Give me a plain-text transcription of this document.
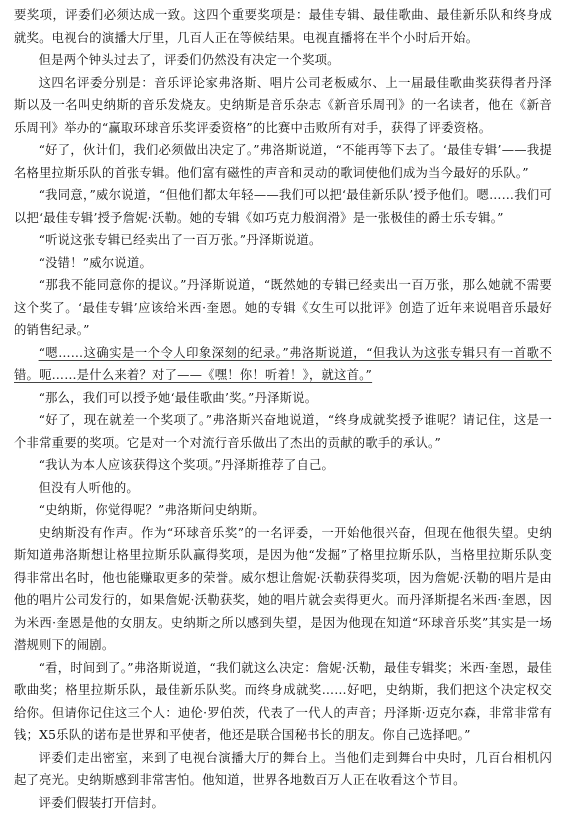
要奖项，评委们必须达成一致。这四个重要奖项是：最佳专辑、最佳歌曲、最佳新乐队和终身成就奖。电视台的演播大厅里，几百人正在等候结果。电视直播将在半个小时后开始。

但是两个钟头过去了，评委们仍然没有决定一个奖项。

这四名评委分别是：音乐评论家弗洛斯、唱片公司老板威尔、上一届最佳歌曲奖获得者丹泽斯以及一名叫史纳斯的音乐发烧友。史纳斯是音乐杂志《新音乐周刊》的一名读者，他在《新音乐周刊》举办的“赢取环球音乐奖评委资格”的比赛中击败所有对手，获得了评委资格。

“好了，伙计们，我们必须做出决定了。”弗洛斯说道，“不能再等下去了。‘最佳专辑’——我提名格里拉斯乐队的首张专辑。他们富有磁性的声音和灵动的歌词使他们成为当今最好的乐队。”

“我同意，”威尔说道，“但他们都太年轻——我们可以把‘最佳新乐队’授予他们。嗯……我们可以把‘最佳专辑’授予詹妮·沃勒。她的专辑《如巧克力般润滑》是一张极佳的爵士乐专辑。”

“听说这张专辑已经卖出了一百万张。”丹泽斯说道。

“没错！”威尔说道。

“那我不能同意你的提议。”丹泽斯说道，“既然她的专辑已经卖出一百万张，那么她就不需要这个奖了。‘最佳专辑’应该给米西·奎恩。她的专辑《女生可以批评》创造了近年来说唱音乐最好的销售纪录。”

“嗯……这确实是一个令人印象深刻的纪录。”弗洛斯说道，“但我认为这张专辑只有一首歌不错。呃……是什么来着？对了——《嘿！你！听着！》，就这首。”

“那么，我们可以授予她‘最佳歌曲’奖。”丹泽斯说。

“好了，现在就差一个奖项了。”弗洛斯兴奋地说道，“终身成就奖授予谁呢？请记住，这是一个非常重要的奖项。它是对一个对流行音乐做出了杰出的贡献的歌手的承认。”

“我认为本人应该获得这个奖项。”丹泽斯推荐了自己。

但没有人听他的。

“史纳斯，你觉得呢？”弗洛斯问史纳斯。

史纳斯没有作声。作为“环球音乐奖”的一名评委，一开始他很兴奋，但现在他很失望。史纳斯知道弗洛斯想让格里拉斯乐队赢得奖项，是因为他“发掘”了格里拉斯乐队，当格里拉斯乐队变得非常出名时，他也能赚取更多的荣誉。威尔想让詹妮·沃勒获得奖项，因为詹妮·沃勒的唱片是由他的唱片公司发行的，如果詹妮·沃勒获奖，她的唱片就会卖得更火。而丹泽斯提名米西·奎恩，因为米西·奎恩是他的女朋友。史纳斯之所以感到失望，是因为他现在知道“环球音乐奖”其实是一场潜规则下的闹剧。

“看，时间到了。”弗洛斯说道，“我们就这么决定：詹妮·沃勒，最佳专辑奖；米西·奎恩，最佳歌曲奖；格里拉斯乐队，最佳新乐队奖。而终身成就奖……好吧，史纳斯，我们把这个决定权交给你。但请你记住这三个人：迪伦·罗伯茨，代表了一代人的声音；丹泽斯·迈克尔森，非常非常有钱；X5乐队的诺布是世界和平使者，他还是联合国秘书长的朋友。你自己选择吧。”

评委们走出密室，来到了电视台演播大厅的舞台上。当他们走到舞台中央时，几百台相机闪起了亮光。史纳斯感到非常害怕。他知道，世界各地数百万人正在收看这个节目。

评委们假装打开信封。
